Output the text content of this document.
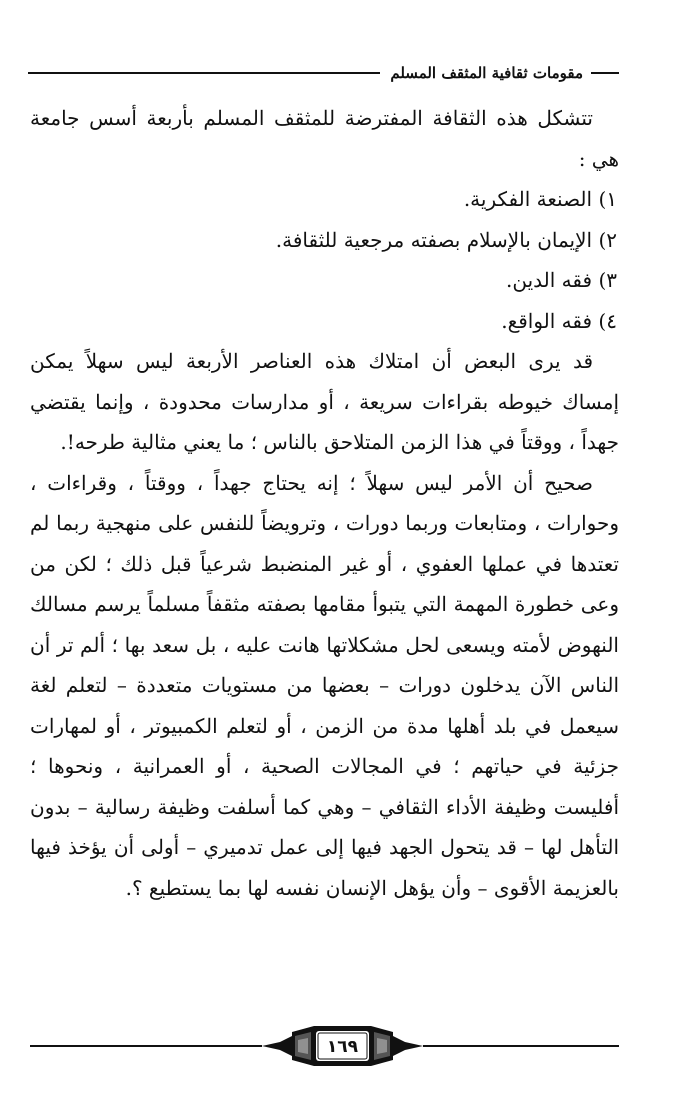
مقومات ثقافية المثقف المسلم

تتشكل هذه الثقافة المفترضة للمثقف المسلم بأربعة أسس جامعة هي :

١) الصنعة الفكرية.

٢) الإيمان بالإسلام بصفته مرجعية للثقافة.

٣) فقه الدين.

٤) فقه الواقع.

قد يرى البعض أن امتلاك هذه العناصر الأربعة ليس سهلاً يمكن إمساك خيوطه بقراءات سريعة ، أو مدارسات محدودة ، وإنما يقتضي جهداً ، ووقتاً في هذا الزمن المتلاحق بالناس ؛ ما يعني مثالية طرحه!.

صحيح أن الأمر ليس سهلاً ؛ إنه يحتاج جهداً ، ووقتاً ، وقراءات ، وحوارات ، ومتابعات وربما دورات ، وترويضاً للنفس على منهجية ربما لم تعتدها في عملها العفوي ، أو غير المنضبط شرعياً قبل ذلك ؛ لكن من وعى خطورة المهمة التي يتبوأ مقامها بصفته مثقفاً مسلماً يرسم مسالك النهوض لأمته ويسعى لحل مشكلاتها هانت عليه ، بل سعد بها ؛ ألم تر أن الناس الآن يدخلون دورات – بعضها من مستويات متعددة – لتعلم لغة سيعمل في بلد أهلها مدة من الزمن ، أو لتعلم الكمبيوتر ، أو لمهارات جزئية في حياتهم ؛ في المجالات الصحية ، أو العمرانية ، ونحوها ؛ أفليست وظيفة الأداء الثقافي – وهي كما أسلفت وظيفة رسالية – بدون التأهل لها – قد يتحول الجهد فيها إلى عمل تدميري – أولى أن يؤخذ فيها بالعزيمة الأقوى – وأن يؤهل الإنسان نفسه لها بما يستطيع ؟.

١٦٩
